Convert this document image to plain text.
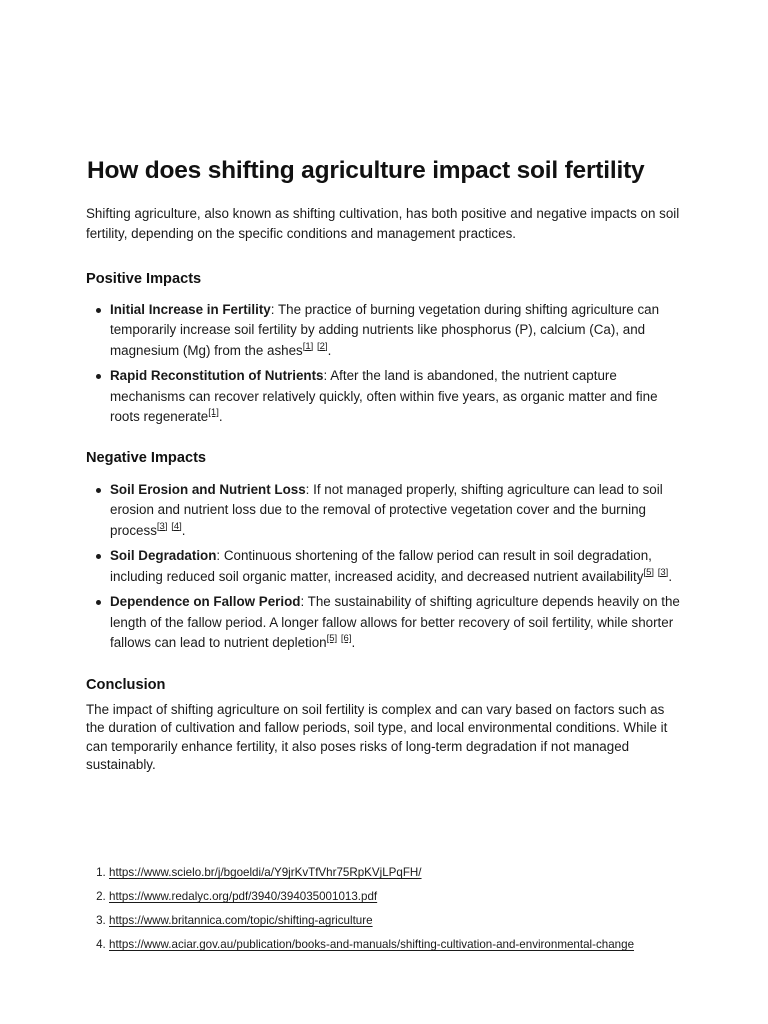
How does shifting agriculture impact soil fertility

Shifting agriculture, also known as shifting cultivation, has both positive and negative impacts on soil fertility, depending on the specific conditions and management practices.

Positive Impacts
Initial Increase in Fertility: The practice of burning vegetation during shifting agriculture can temporarily increase soil fertility by adding nutrients like phosphorus (P), calcium (Ca), and magnesium (Mg) from the ashes[1] [2].
Rapid Reconstitution of Nutrients: After the land is abandoned, the nutrient capture mechanisms can recover relatively quickly, often within five years, as organic matter and fine roots regenerate[1].
Negative Impacts
Soil Erosion and Nutrient Loss: If not managed properly, shifting agriculture can lead to soil erosion and nutrient loss due to the removal of protective vegetation cover and the burning process[3] [4].
Soil Degradation: Continuous shortening of the fallow period can result in soil degradation, including reduced soil organic matter, increased acidity, and decreased nutrient availability[5] [3].
Dependence on Fallow Period: The sustainability of shifting agriculture depends heavily on the length of the fallow period. A longer fallow allows for better recovery of soil fertility, while shorter fallows can lead to nutrient depletion[5] [6].
Conclusion

The impact of shifting agriculture on soil fertility is complex and can vary based on factors such as the duration of cultivation and fallow periods, soil type, and local environmental conditions. While it can temporarily enhance fertility, it also poses risks of long-term degradation if not managed sustainably.

1. https://www.scielo.br/j/bgoeldi/a/Y9jrKvTfVhr75RpKVjLPqFH/
2. https://www.redalyc.org/pdf/3940/394035001013.pdf
3. https://www.britannica.com/topic/shifting-agriculture
4. https://www.aciar.gov.au/publication/books-and-manuals/shifting-cultivation-and-environmental-change
